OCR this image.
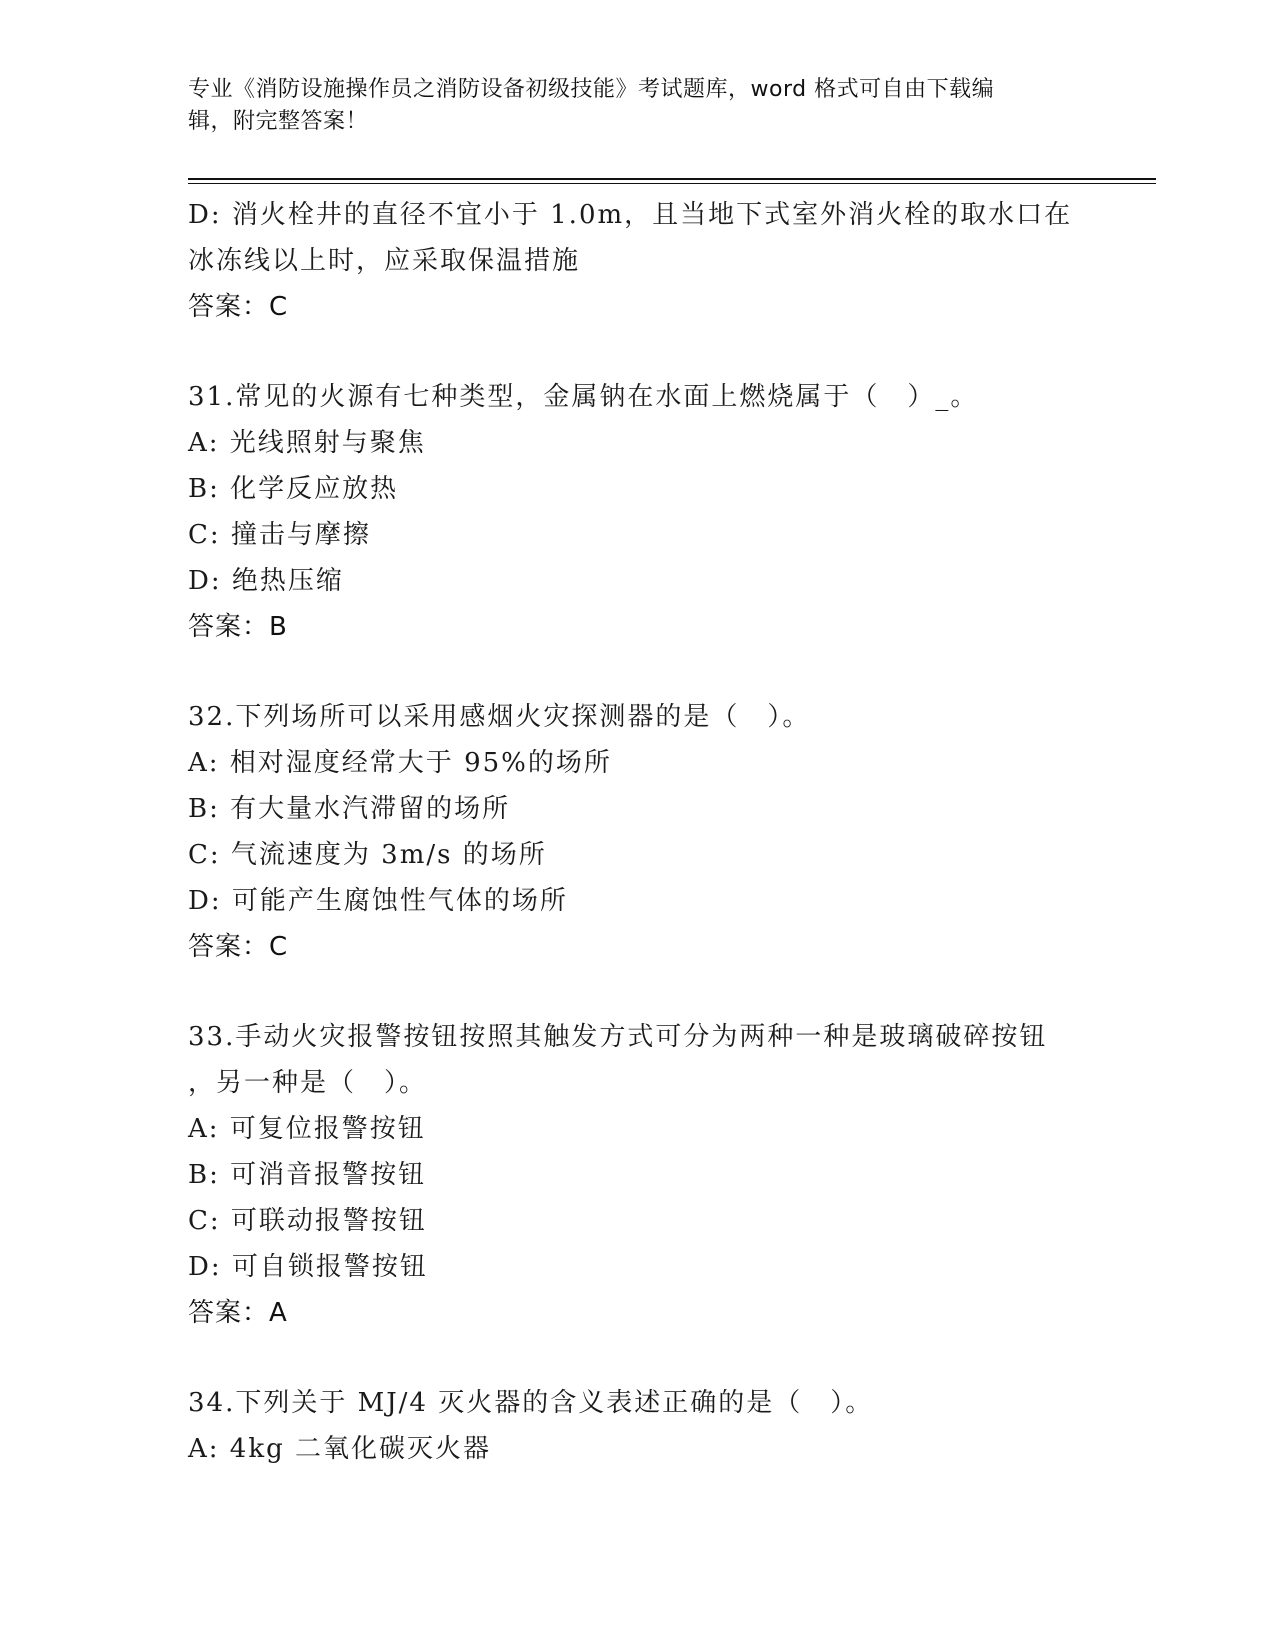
专业《消防设施操作员之消防设备初级技能》考试题库，word 格式可自由下载编
辑，附完整答案！
D: 消火栓井的直径不宜小于 1.0m，且当地下式室外消火栓的取水口在
冰冻线以上时，应采取保温措施
答案：C
31.常见的火源有七种类型，金属钠在水面上燃烧属于（　）_。
A: 光线照射与聚焦
B: 化学反应放热
C: 撞击与摩擦
D: 绝热压缩
答案：B
32.下列场所可以采用感烟火灾探测器的是（　）。
A: 相对湿度经常大于 95%的场所
B: 有大量水汽滞留的场所
C: 气流速度为 3m/s 的场所
D: 可能产生腐蚀性气体的场所
答案：C
33.手动火灾报警按钮按照其触发方式可分为两种一种是玻璃破碎按钮
，另一种是（　）。
A: 可复位报警按钮
B: 可消音报警按钮
C: 可联动报警按钮
D: 可自锁报警按钮
答案：A
34.下列关于 MJ/4 灭火器的含义表述正确的是（　）。
A: 4kg 二氧化碳灭火器
